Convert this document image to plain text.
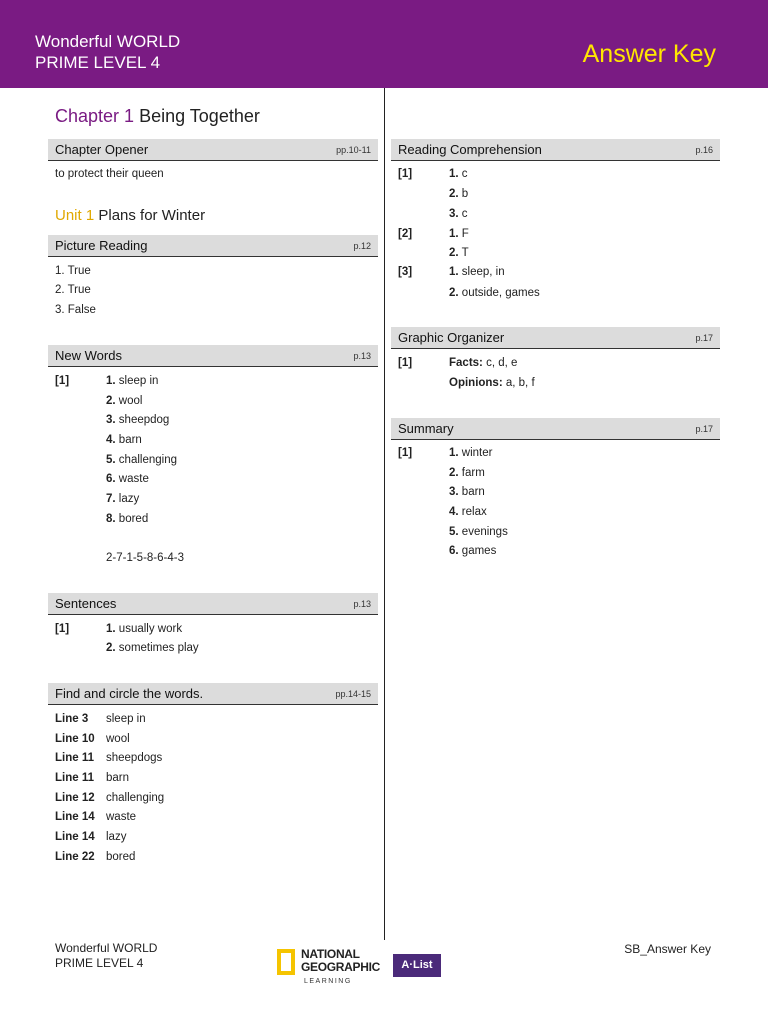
Wonderful WORLD
PRIME LEVEL 4	Answer Key
Chapter 1 Being Together
Chapter Opener	pp.10-11
to protect their queen
Unit 1 Plans for Winter
Picture Reading	p.12
1. True
2. True
3. False
New Words	p.13
[1]	1. sleep in
2. wool
3. sheepdog
4. barn
5. challenging
6. waste
7. lazy
8. bored
2-7-1-5-8-6-4-3
Sentences	p.13
[1]	1. usually work
2. sometimes play
Find and circle the words.	pp.14-15
Line 3 sleep in
Line 10 wool
Line 11 sheepdogs
Line 11 barn
Line 12 challenging
Line 14 waste
Line 14 lazy
Line 22 bored
Reading Comprehension	p.16
[1]	1. c
2. b
3. c
[2]	1. F
2. T
[3]	1. sleep, in
2. outside, games
Graphic Organizer	p.17
[1]	Facts: c, d, e
Opinions: a, b, f
Summary	p.17
[1]	1. winter
2. farm
3. barn
4. relax
5. evenings
6. games
Wonderful WORLD
PRIME LEVEL 4
NATIONAL
GEOGRAPHIC
LEARNING
A·List
SB_Answer Key
